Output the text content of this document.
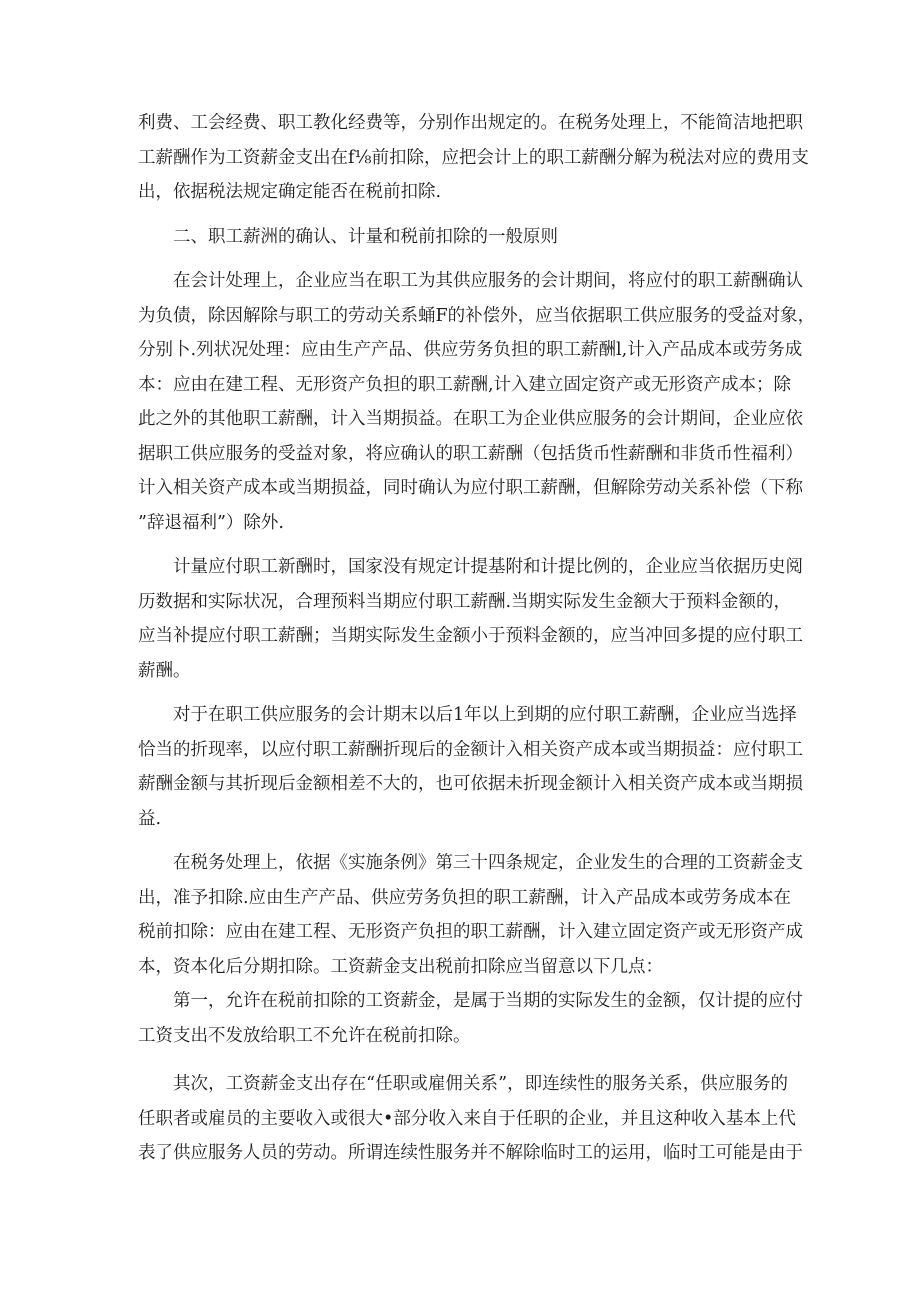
利费、工会经费、职工教化经费等，分别作出规定的。在税务处理上，不能简洁地把职
工薪酬作为工资薪金支出在f⅛前扣除，应把会计上的职工薪酬分解为税法对应的费用支
出，依据税法规定确定能否在税前扣除.
二、职工薪洲的确认、计量和税前扣除的一般原则
在会计处理上，企业应当在职工为其供应服务的会计期间，将应付的职工薪酬确认
为负债，除因解除与职工的劳动关系蛹F的补偿外，应当依据职工供应服务的受益对象，
分别卜.列状况处理：应由生产产品、供应劳务负担的职工薪酬l,计入产品成本或劳务成
本：应由在建工程、无形资产负担的职工薪酬,计入建立固定资产或无形资产成本；除
此之外的其他职工薪酬，计入当期损益。在职工为企业供应服务的会计期间，企业应依
据职工供应服务的受益对象，将应确认的职工薪酬（包括货币性薪酬和非货币性福利）
计入相关资产成本或当期损益，同时确认为应付职工薪酬，但解除劳动关系补偿（下称
”辞退福利”）除外.
计量应付职工新酬时，国家没有规定计提基附和计提比例的，企业应当依据历史阅
历数据和实际状况，合理预料当期应付职工薪酬.当期实际发生金额大于预料金额的，
应当补提应付职工薪酬；当期实际发生金额小于预料金额的，应当冲回多提的应付职工
薪酬。
对于在职工供应服务的会计期末以后1年以上到期的应付职工薪酬，企业应当选择
恰当的折现率，以应付职工薪酬折现后的金额计入相关资产成本或当期损益：应付职工
薪酬金额与其折现后金额相差不大的，也可依据未折现金额计入相关资产成本或当期损
益.
在税务处理上，依据《实施条例》第三十四条规定，企业发生的合理的工资薪金支
出，准予扣除.应由生产产品、供应劳务负担的职工薪酬，计入产品成本或劳务成本在
税前扣除：应由在建工程、无形资产负担的职工薪酬，计入建立固定资产或无形资产成
本，资本化后分期扣除。工资薪金支出税前扣除应当留意以下几点：
第一，允许在税前扣除的工资薪金，是属于当期的实际发生的金额，仅计提的应付
工资支出不发放给职工不允许在税前扣除。
其次，工资薪金支出存在“任职或雇佣关系”，即连续性的服务关系，供应服务的
任职者或雇员的主要收入或很大•部分收入来自于任职的企业，并且这种收入基本上代
表了供应服务人员的劳动。所谓连续性服务并不解除临时工的运用，临时工可能是由于
